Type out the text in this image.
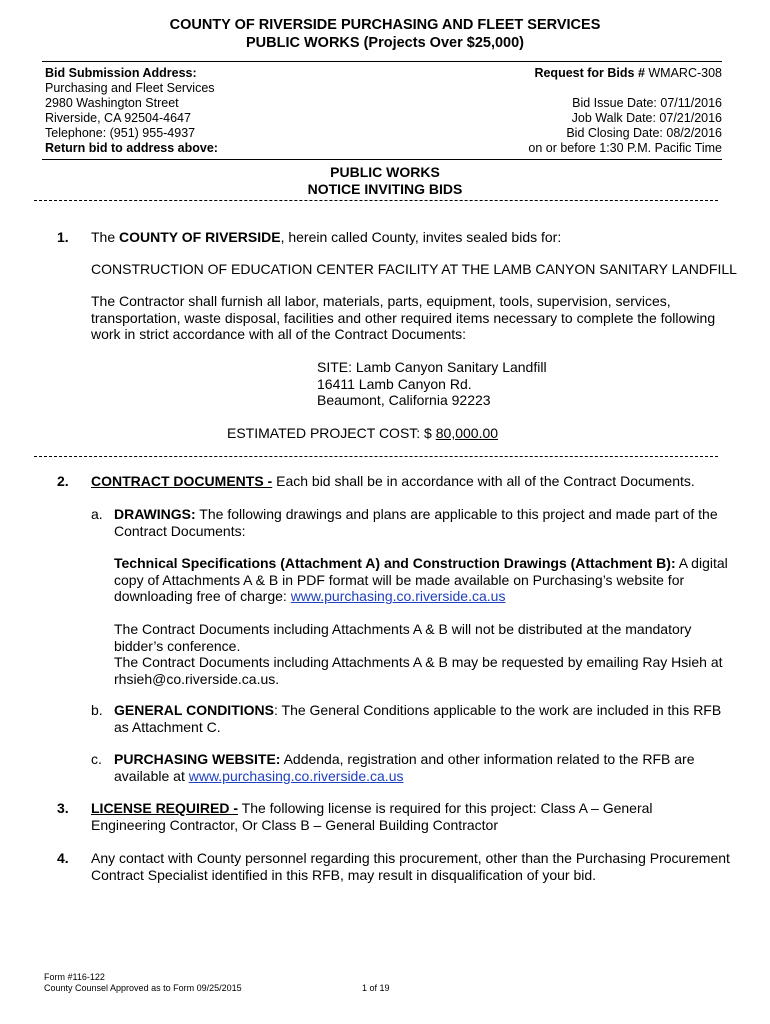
COUNTY OF RIVERSIDE PURCHASING AND FLEET SERVICES
PUBLIC WORKS (Projects Over $25,000)
Bid Submission Address:
Purchasing and Fleet Services
2980 Washington Street
Riverside, CA 92504-4647
Telephone: (951) 955-4937
Return bid to address above:
Request for Bids # WMARC-308
Bid Issue Date: 07/11/2016
Job Walk Date: 07/21/2016
Bid Closing Date: 08/2/2016
on or before 1:30 P.M. Pacific Time
PUBLIC WORKS
NOTICE INVITING BIDS
1. The COUNTY OF RIVERSIDE, herein called County, invites sealed bids for:
CONSTRUCTION OF EDUCATION CENTER FACILITY AT THE LAMB CANYON SANITARY LANDFILL
The Contractor shall furnish all labor, materials, parts, equipment, tools, supervision, services,
transportation, waste disposal, facilities and other required items necessary to complete the following
work in strict accordance with all of the Contract Documents:
SITE: Lamb Canyon Sanitary Landfill
16411 Lamb Canyon Rd.
Beaumont, California 92223
ESTIMATED PROJECT COST: $ 80,000.00
2. CONTRACT DOCUMENTS - Each bid shall be in accordance with all of the Contract Documents.
a. DRAWINGS: The following drawings and plans are applicable to this project and made part of the
Contract Documents:
Technical Specifications (Attachment A) and Construction Drawings (Attachment B): A digital
copy of Attachments A & B in PDF format will be made available on Purchasing’s website for
downloading free of charge: www.purchasing.co.riverside.ca.us
The Contract Documents including Attachments A & B will not be distributed at the mandatory
bidder’s conference.
The Contract Documents including Attachments A & B may be requested by emailing Ray Hsieh at
rhsieh@co.riverside.ca.us.
b. GENERAL CONDITIONS: The General Conditions applicable to the work are included in this RFB
as Attachment C.
c. PURCHASING WEBSITE: Addenda, registration and other information related to the RFB are
available at www.purchasing.co.riverside.ca.us
3. LICENSE REQUIRED - The following license is required for this project: Class A – General
Engineering Contractor, Or Class B – General Building Contractor
4. Any contact with County personnel regarding this procurement, other than the Purchasing Procurement
Contract Specialist identified in this RFB, may result in disqualification of your bid.
Form #116-122
County Counsel Approved as to Form 09/25/2015	1 of 19
